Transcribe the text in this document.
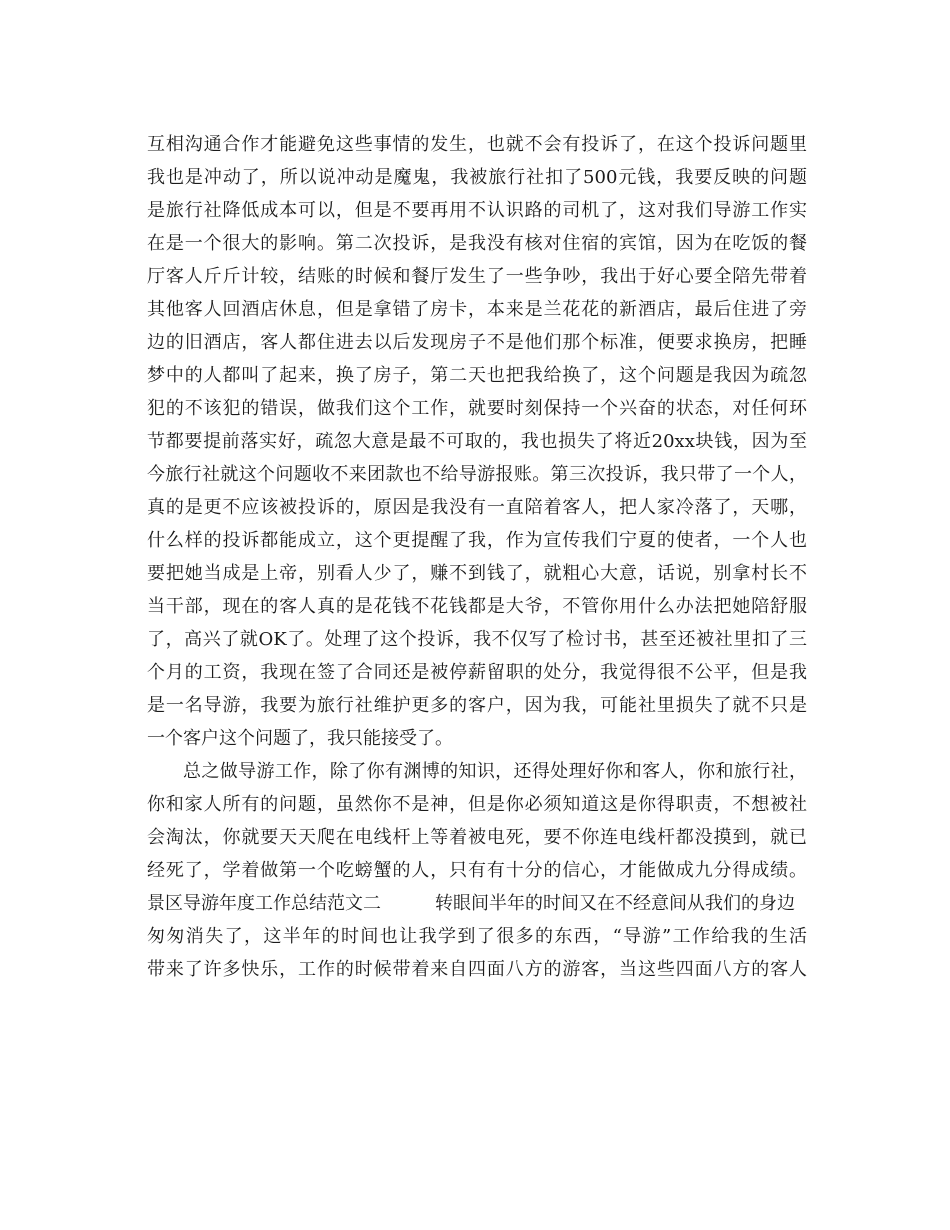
互相沟通合作才能避免这些事情的发生，也就不会有投诉了，在这个投诉问题里
我也是冲动了，所以说冲动是魔鬼，我被旅行社扣了500元钱，我要反映的问题
是旅行社降低成本可以，但是不要再用不认识路的司机了，这对我们导游工作实
在是一个很大的影响。第二次投诉，是我没有核对住宿的宾馆，因为在吃饭的餐
厅客人斤斤计较，结账的时候和餐厅发生了一些争吵，我出于好心要全陪先带着
其他客人回酒店休息，但是拿错了房卡，本来是兰花花的新酒店，最后住进了旁
边的旧酒店，客人都住进去以后发现房子不是他们那个标准，便要求换房，把睡
梦中的人都叫了起来，换了房子，第二天也把我给换了，这个问题是我因为疏忽
犯的不该犯的错误，做我们这个工作，就要时刻保持一个兴奋的状态，对任何环
节都要提前落实好，疏忽大意是最不可取的，我也损失了将近20xx块钱，因为至
今旅行社就这个问题收不来团款也不给导游报账。第三次投诉，我只带了一个人，
真的是更不应该被投诉的，原因是我没有一直陪着客人，把人家冷落了，天哪，
什么样的投诉都能成立，这个更提醒了我，作为宣传我们宁夏的使者，一个人也
要把她当成是上帝，别看人少了，赚不到钱了，就粗心大意，话说，别拿村长不
当干部，现在的客人真的是花钱不花钱都是大爷，不管你用什么办法把她陪舒服
了，高兴了就OK了。处理了这个投诉，我不仅写了检讨书，甚至还被社里扣了三
个月的工资，我现在签了合同还是被停薪留职的处分，我觉得很不公平，但是我
是一名导游，我要为旅行社维护更多的客户，因为我，可能社里损失了就不只是
一个客户这个问题了，我只能接受了。
总之做导游工作，除了你有渊博的知识，还得处理好你和客人，你和旅行社，
你和家人所有的问题，虽然你不是神，但是你必须知道这是你得职责，不想被社
会淘汰，你就要天天爬在电线杆上等着被电死，要不你连电线杆都没摸到，就已
经死了，学着做第一个吃螃蟹的人，只有有十分的信心，才能做成九分得成绩。
景区导游年度工作总结范文二	转眼间半年的时间又在不经意间从我们的身边
匆匆消失了，这半年的时间也让我学到了很多的东西，“导游”工作给我的生活
带来了许多快乐，工作的时候带着来自四面八方的游客，当这些四面八方的客人
